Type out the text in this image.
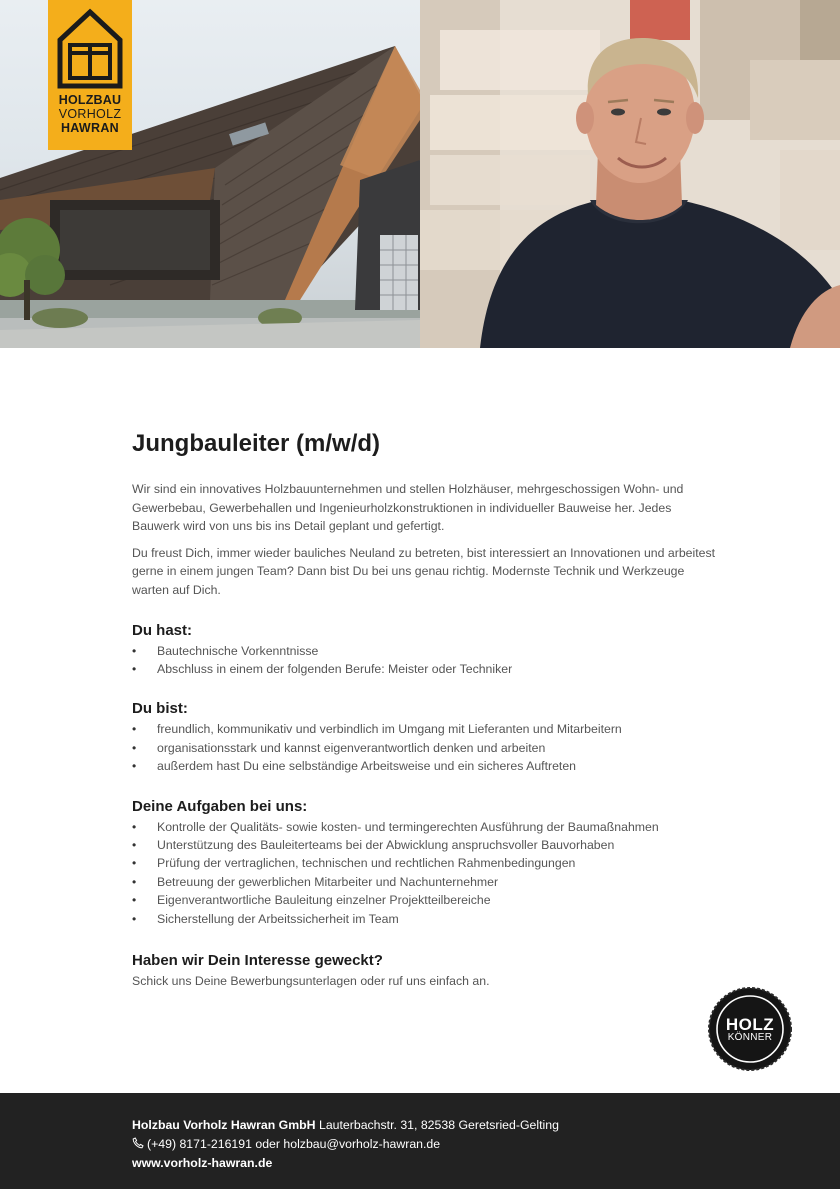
HOLZBAU
VORHOLZ
HAWRAN
Jungbauleiter (m/w/d)

Wir sind ein innovatives Holzbauunternehmen und stellen Holzhäuser, mehrgeschossigen Wohn- und Gewerbebau, Gewerbehallen und Ingenieurholzkonstruktionen in individueller Bauweise her. Jedes Bauwerk wird von uns bis ins Detail geplant und gefertigt.

Du freust Dich, immer wieder bauliches Neuland zu betreten, bist interessiert an Innovationen und arbeitest gerne in einem jungen Team? Dann bist Du bei uns genau richtig. Modernste Technik und Werkzeuge warten auf Dich.

Du hast:
• Bautechnische Vorkenntnisse
• Abschluss in einem der folgenden Berufe: Meister oder Techniker
Du bist:
• freundlich, kommunikativ und verbindlich im Umgang mit Lieferanten und Mitarbeitern
• organisationsstark und kannst eigenverantwortlich denken und arbeiten
• außerdem hast Du eine selbständige Arbeitsweise und ein sicheres Auftreten
Deine Aufgaben bei uns:
• Kontrolle der Qualitäts- sowie kosten- und termingerechten Ausführung der Baumaßnahmen
• Unterstützung des Bauleiterteams bei der Abwicklung anspruchsvoller Bauvorhaben
• Prüfung der vertraglichen, technischen und rechtlichen Rahmenbedingungen
• Betreuung der gewerblichen Mitarbeiter und Nachunternehmer
• Eigenverantwortliche Bauleitung einzelner Projektteilbereiche
• Sicherstellung der Arbeitssicherheit im Team
Haben wir Dein Interesse geweckt?

Schick uns Deine Bewerbungsunterlagen oder ruf uns einfach an.

HOLZ
KÖNNER
Holzbau Vorholz Hawran GmbH Lauterbachstr. 31, 82538 Geretsried-Gelting
(+49) 8171-216191 oder holzbau@vorholz-hawran.de
www.vorholz-hawran.de
